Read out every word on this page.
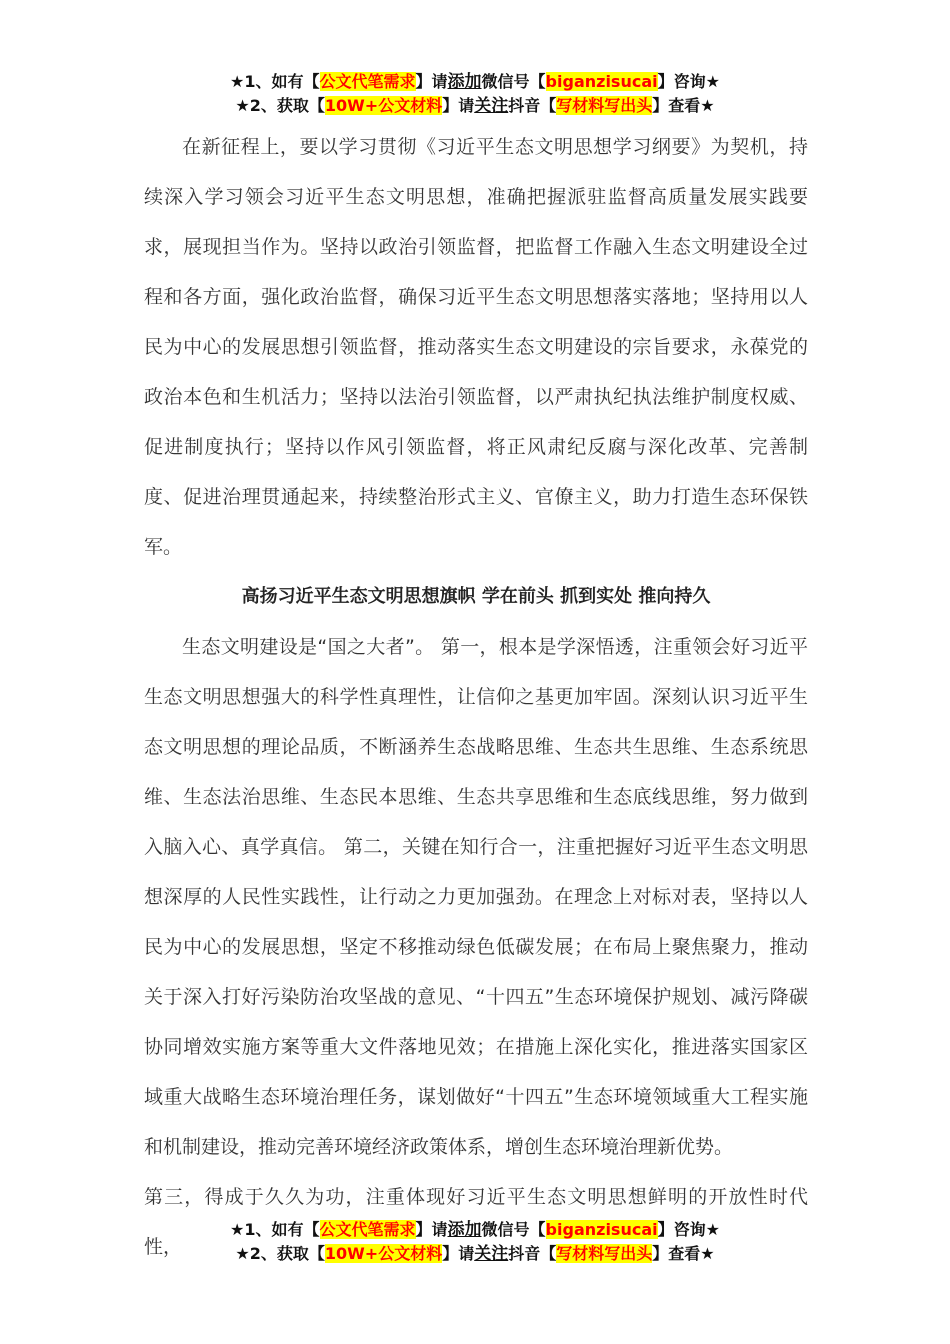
★1、如有【公文代笔需求】请添加微信号【biganzisucai】咨询★
★2、获取【10W+公文材料】请关注抖音【写材料写出头】查看★

在新征程上，要以学习贯彻《习近平生态文明思想学习纲要》为契机，持续深入学习领会习近平生态文明思想，准确把握派驻监督高质量发展实践要求，展现担当作为。坚持以政治引领监督，把监督工作融入生态文明建设全过程和各方面，强化政治监督，确保习近平生态文明思想落实落地；坚持用以人民为中心的发展思想引领监督，推动落实生态文明建设的宗旨要求，永葆党的政治本色和生机活力；坚持以法治引领监督，以严肃执纪执法维护制度权威、促进制度执行；坚持以作风引领监督，将正风肃纪反腐与深化改革、完善制度、促进治理贯通起来，持续整治形式主义、官僚主义，助力打造生态环保铁军。

高扬习近平生态文明思想旗帜 学在前头 抓到实处 推向持久

生态文明建设是“国之大者”。 第一，根本是学深悟透，注重领会好习近平生态文明思想强大的科学性真理性，让信仰之基更加牢固。深刻认识习近平生态文明思想的理论品质，不断涵养生态战略思维、生态共生思维、生态系统思维、生态法治思维、生态民本思维、生态共享思维和生态底线思维，努力做到入脑入心、真学真信。 第二，关键在知行合一，注重把握好习近平生态文明思想深厚的人民性实践性，让行动之力更加强劲。在理念上对标对表，坚持以人民为中心的发展思想，坚定不移推动绿色低碳发展；在布局上聚焦聚力，推动关于深入打好污染防治攻坚战的意见、“十四五”生态环境保护规划、减污降碳协同增效实施方案等重大文件落地见效；在措施上深化实化，推进落实国家区域重大战略生态环境治理任务，谋划做好“十四五”生态环境领域重大工程实施和机制建设，推动完善环境经济政策体系，增创生态环境治理新优势。

第三，得成于久久为功，注重体现好习近平生态文明思想鲜明的开放性时代性，

★1、如有【公文代笔需求】请添加微信号【biganzisucai】咨询★
★2、获取【10W+公文材料】请关注抖音【写材料写出头】查看★
